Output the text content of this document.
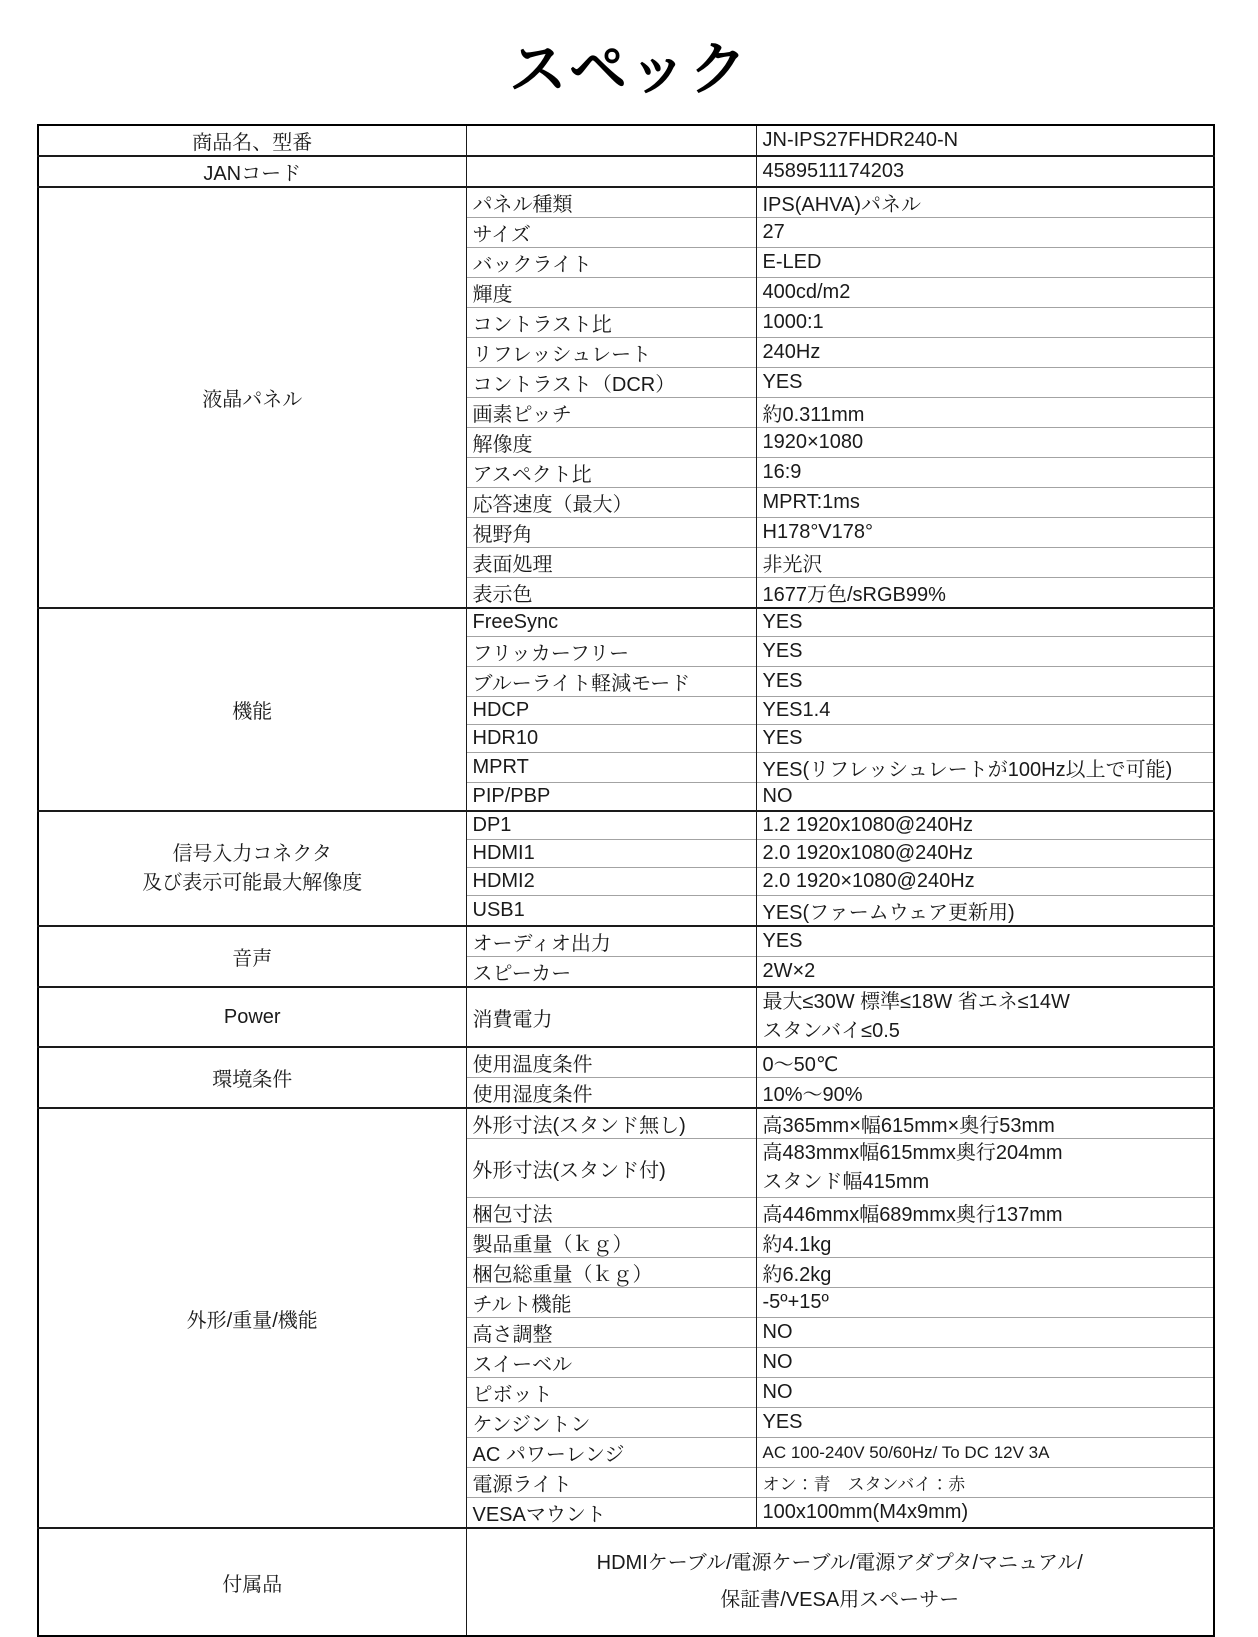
スペック
商品名、型番		JN-IPS27FHDR240-N
JANコード		4589511174203
液晶パネル	パネル種類	IPS(AHVA)パネル
	サイズ	27
	バックライト	E-LED
	輝度	400cd/m2
	コントラスト比	1000:1
	リフレッシュレート	240Hz
	コントラスト（DCR）	YES
	画素ピッチ	約0.311mm
	解像度	1920×1080
	アスペクト比	16:9
	応答速度（最大）	MPRT:1ms
	視野角	H178°V178°
	表面処理	非光沢
	表示色	1677万色/sRGB99%
機能	FreeSync	YES
	フリッカーフリー	YES
	ブルーライト軽減モード	YES
	HDCP	YES1.4
	HDR10	YES
	MPRT	YES(リフレッシュレートが100Hz以上で可能)
	PIP/PBP	NO

信号入力コネクタ
及び表示可能最大解像度	DP1	1.2 1920x1080@240Hz
	HDMI1	2.0 1920x1080@240Hz
	HDMI2	2.0 1920×1080@240Hz
	USB1	YES(ファームウェア更新用)
音声	オーディオ出力	YES
	スピーカー	2W×2
Power	消費電力	最大≤30W 標準≤18W 省エネ≤14W
スタンバイ≤0.5

環境条件	使用温度条件	0～50℃
	使用湿度条件	10%～90%
外形/重量/機能	外形寸法(スタンド無し)	高365mm×幅615mm×奥行53mm
	外形寸法(スタンド付)	高483mmx幅615mmx奥行204mm
スタンド幅415mm

	梱包寸法	高446mmx幅689mmx奥行137mm
	製品重量（ｋｇ）	約4.1kg
	梱包総重量（ｋｇ）	約6.2kg
	チルト機能	-5º+15º
	高さ調整	NO
	スイーベル	NO
	ピボット	NO
	ケンジントン	YES
	AC パワーレンジ	AC 100-240V 50/60Hz/ To DC 12V 3A
	電源ライト	オン：青　スタンバイ：赤
	VESAマウント	100x100mm(M4x9mm)
付属品	HDMIケーブル/電源ケーブル/電源アダプタ/マニュアル/
保証書/VESA用スペーサー	
